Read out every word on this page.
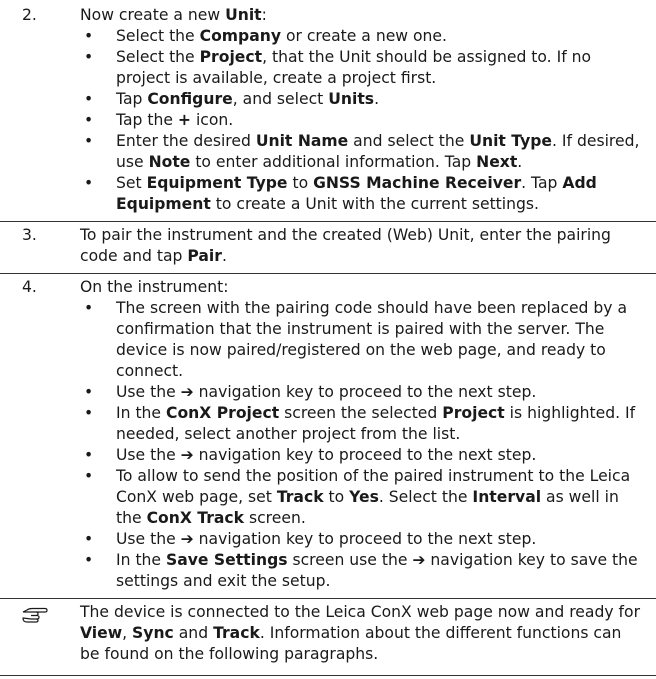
2.	Now create a new Unit:
• Select the Company or create a new one.
• Select the Project, that the Unit should be assigned to. If no project is available, create a project first.
• Tap Configure, and select Units.
• Tap the + icon.
• Enter the desired Unit Name and select the Unit Type. If desired, use Note to enter additional information. Tap Next.
• Set Equipment Type to GNSS Machine Receiver. Tap Add Equipment to create a Unit with the current settings.
3.	To pair the instrument and the created (Web) Unit, enter the pairing code and tap Pair.
4.	On the instrument:
• The screen with the pairing code should have been replaced by a confirmation that the instrument is paired with the server. The device is now paired/registered on the web page, and ready to connect.
• Use the ➔ navigation key to proceed to the next step.
• In the ConX Project screen the selected Project is highlighted. If needed, select another project from the list.
• Use the ➔ navigation key to proceed to the next step.
• To allow to send the position of the paired instrument to the Leica ConX web page, set Track to Yes. Select the Interval as well in the ConX Track screen.
• Use the ➔ navigation key to proceed to the next step.
• In the Save Settings screen use the ➔ navigation key to save the settings and exit the setup.
The device is connected to the Leica ConX web page now and ready for View, Sync and Track. Information about the different functions can be found on the following paragraphs.
